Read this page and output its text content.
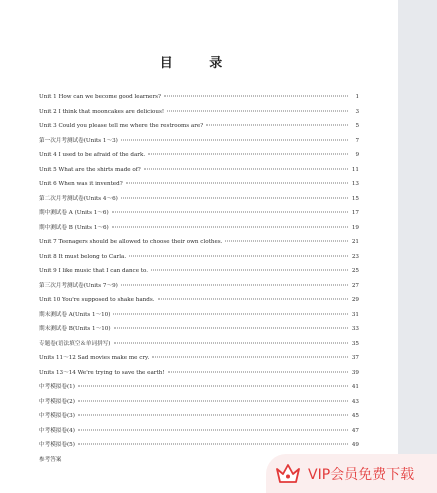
目 录
Unit 1 How can we become good learners?	1
Unit 2 I think that mooncakes are delicious!	3
Unit 3 Could you please tell me where the restrooms are?	5
第一次月考测试卷(Units 1～3)	7
Unit 4 I used to be afraid of the dark.	9
Unit 5 What are the shirts made of?	11
Unit 6 When was it invented?	13
第二次月考测试卷(Units 4～6)	15
期中测试卷 A (Units 1～6)	17
期中测试卷 B (Units 1～6)	19
Unit 7 Teenagers should be allowed to choose their own clothes.	21
Unit 8 It must belong to Carla.	23
Unit 9 I like music that I can dance to.	25
第三次月考测试卷(Units 7～9)	27
Unit 10 You're supposed to shake hands.	29
期末测试卷 A(Units 1～10)	31
期末测试卷 B(Units 1～10)	33
专题卷(语法填空＆单词拼写)	35
Units 11～12 Sad movies make me cry.	37
Units 13～14 We're trying to save the earth!	39
中考模拟卷(1)	41
中考模拟卷(2)	43
中考模拟卷(3)	45
中考模拟卷(4)	47
中考模拟卷(5)	49
参考答案
VIP会员免费下载
